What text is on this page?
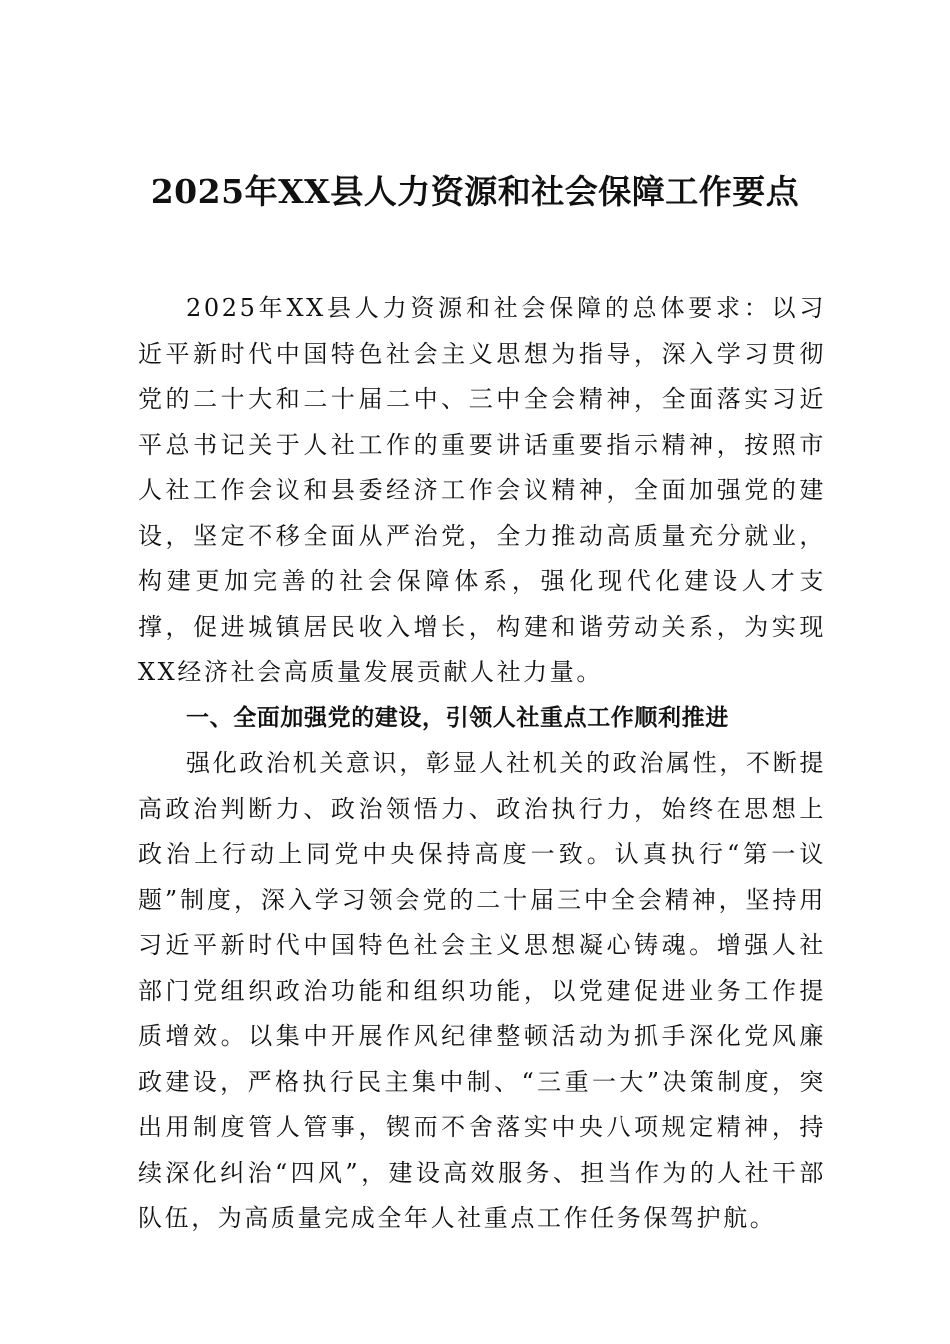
2025年XX县人力资源和社会保障工作要点

2025年XX县人力资源和社会保障的总体要求：以习近平新时代中国特色社会主义思想为指导，深入学习贯彻党的二十大和二十届二中、三中全会精神，全面落实习近平总书记关于人社工作的重要讲话重要指示精神，按照市人社工作会议和县委经济工作会议精神，全面加强党的建设，坚定不移全面从严治党，全力推动高质量充分就业，构建更加完善的社会保障体系，强化现代化建设人才支撑，促进城镇居民收入增长，构建和谐劳动关系，为实现XX经济社会高质量发展贡献人社力量。

一、全面加强党的建设，引领人社重点工作顺利推进

强化政治机关意识，彰显人社机关的政治属性，不断提高政治判断力、政治领悟力、政治执行力，始终在思想上政治上行动上同党中央保持高度一致。认真执行“第一议题”制度，深入学习领会党的二十届三中全会精神，坚持用习近平新时代中国特色社会主义思想凝心铸魂。增强人社部门党组织政治功能和组织功能，以党建促进业务工作提质增效。以集中开展作风纪律整顿活动为抓手深化党风廉政建设，严格执行民主集中制、“三重一大”决策制度，突出用制度管人管事，锲而不舍落实中央八项规定精神，持续深化纠治“四风”，建设高效服务、担当作为的人社干部队伍，为高质量完成全年人社重点工作任务保驾护航。
